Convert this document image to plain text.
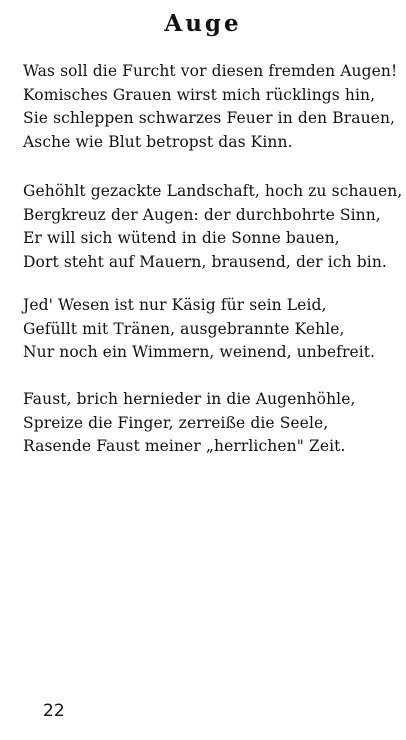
Auge
Was soll die Furcht vor diesen fremden Augen!
Komisches Grauen wirst mich rücklings hin,
Sie schleppen schwarzes Feuer in den Brauen,
Asche wie Blut betropst das Kinn.
Gehöhlt gezackte Landschaft, hoch zu schauen,
Bergkreuz der Augen: der durchbohrte Sinn,
Er will sich wütend in die Sonne bauen,
Dort steht auf Mauern, brausend, der ich bin.
Jed' Wesen ist nur Käsig für sein Leid,
Gefüllt mit Tränen, ausgebrannte Kehle,
Nur noch ein Wimmern, weinend, unbefreit.
Faust, brich hernieder in die Augenhöhle,
Spreize die Finger, zerreiße die Seele,
Rasende Faust meiner „herrlichen" Zeit.
22
